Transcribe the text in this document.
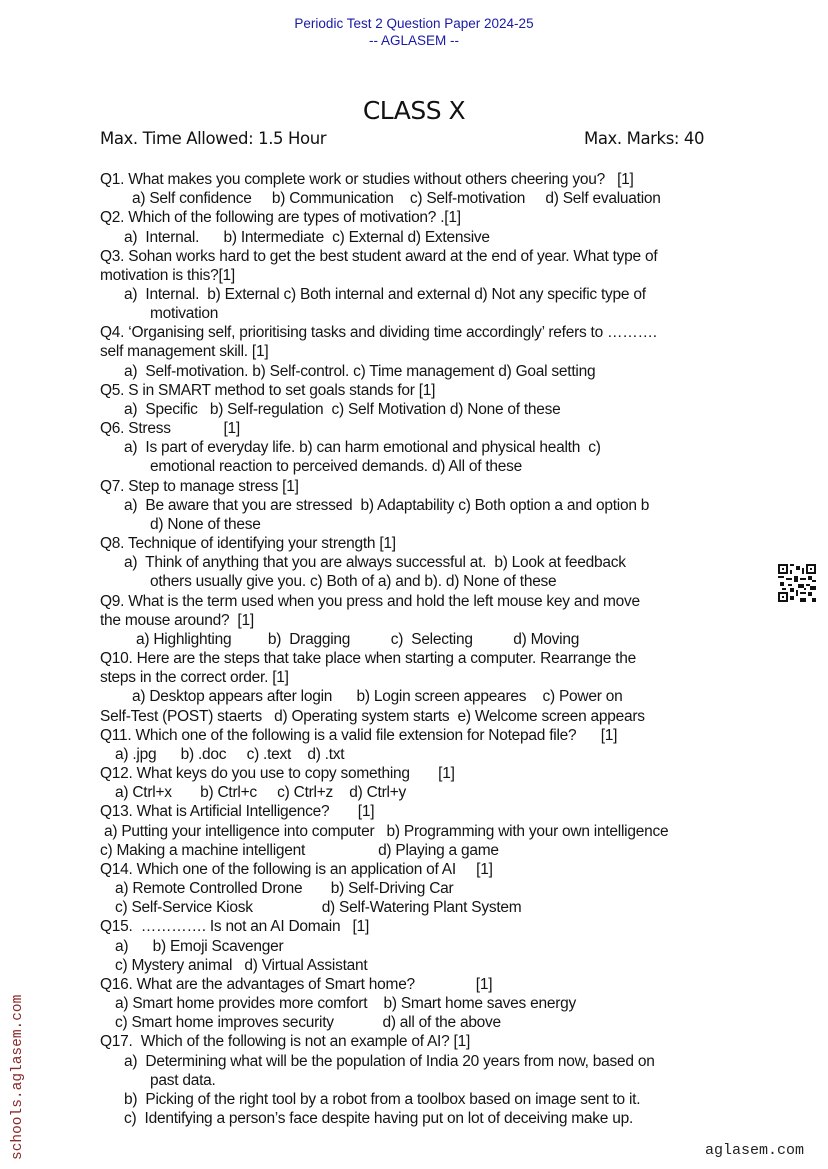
Periodic Test 2 Question Paper 2024-25
-- AGLASEM --
CLASS X
Max. Time Allowed: 1.5 Hour	Max. Marks: 40
Q1. What makes you complete work or studies without others cheering you?   [1]
a) Self confidence     b) Communication    c) Self-motivation     d) Self evaluation
Q2. Which of the following are types of motivation? .[1]
a)  Internal.      b) Intermediate  c) External d) Extensive
Q3. Sohan works hard to get the best student award at the end of year. What type of
motivation is this?[1]
a)  Internal.  b) External c) Both internal and external d) Not any specific type of
motivation
Q4. ‘Organising self, prioritising tasks and dividing time accordingly’ refers to ……….
self management skill. [1]
a)  Self-motivation. b) Self-control. c) Time management d) Goal setting
Q5. S in SMART method to set goals stands for [1]
a)  Specific   b) Self-regulation  c) Self Motivation d) None of these
Q6. Stress             [1]
a)  Is part of everyday life. b) can harm emotional and physical health  c)
emotional reaction to perceived demands. d) All of these
Q7. Step to manage stress [1]
a)  Be aware that you are stressed  b) Adaptability c) Both option a and option b
d) None of these
Q8. Technique of identifying your strength [1]
a)  Think of anything that you are always successful at.  b) Look at feedback
others usually give you. c) Both of a) and b). d) None of these
Q9. What is the term used when you press and hold the left mouse key and move
the mouse around?  [1]
a) Highlighting         b)  Dragging          c)  Selecting          d) Moving
Q10. Here are the steps that take place when starting a computer. Rearrange the
steps in the correct order. [1]
a) Desktop appears after login      b) Login screen appeares    c) Power on
Self-Test (POST) staerts   d) Operating system starts  e) Welcome screen appears
Q11. Which one of the following is a valid file extension for Notepad file?      [1]
a) .jpg      b) .doc     c) .text    d) .txt
Q12. What keys do you use to copy something       [1]
a) Ctrl+x       b) Ctrl+c     c) Ctrl+z    d) Ctrl+y
Q13. What is Artificial Intelligence?       [1]
a) Putting your intelligence into computer   b) Programming with your own intelligence
c) Making a machine intelligent                  d) Playing a game
Q14. Which one of the following is an application of AI     [1]
a) Remote Controlled Drone       b) Self-Driving Car
c) Self-Service Kiosk                 d) Self-Watering Plant System
Q15.  …………. Is not an AI Domain   [1]
a)      b) Emoji Scavenger
c) Mystery animal   d) Virtual Assistant
Q16. What are the advantages of Smart home?               [1]
a) Smart home provides more comfort    b) Smart home saves energy
c) Smart home improves security            d) all of the above
Q17.  Which of the following is not an example of AI? [1]
a)  Determining what will be the population of India 20 years from now, based on
past data.
b)  Picking of the right tool by a robot from a toolbox based on image sent to it.
c)  Identifying a person’s face despite having put on lot of deceiving make up.
schools.aglasem.com	aglasem.com
